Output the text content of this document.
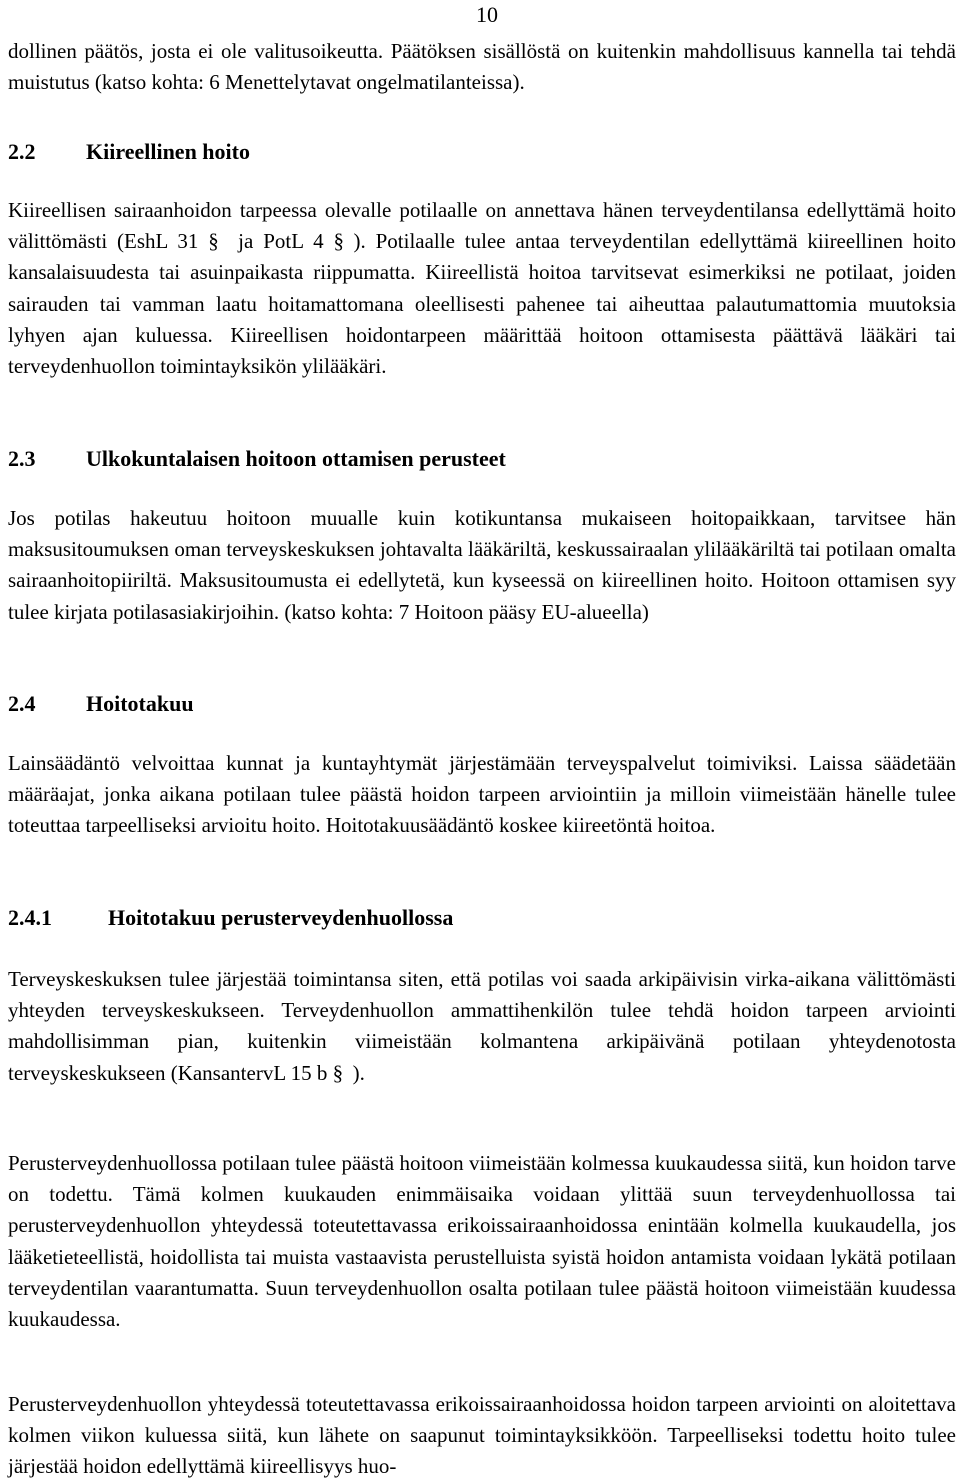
10

dollinen päätös, josta ei ole valitusoikeutta. Päätöksen sisällöstä on kuitenkin mahdollisuus kannella tai tehdä muistutus (katso kohta: 6 Menettelytavat ongelmatilanteissa).

2.2 Kiireellinen hoito

Kiireellisen sairaanhoidon tarpeessa olevalle potilaalle on annettava hänen terveydentilansa edellyttämä hoito välittömästi (EshL 31 § ja PotL 4 § ). Potilaalle tulee antaa terveydentilan edellyttämä kiireellinen hoito kansalaisuudesta tai asuinpaikasta riippumatta. Kiireellistä hoitoa tarvitsevat esimerkiksi ne potilaat, joiden sairauden tai vamman laatu hoitamattomana oleellisesti pahenee tai aiheuttaa palautumattomia muutoksia lyhyen ajan kuluessa. Kiireellisen hoidontarpeen määrittää hoitoon ottamisesta päättävä lääkäri tai terveydenhuollon toimintayksikön ylilääkäri.

2.3 Ulkokuntalaisen hoitoon ottamisen perusteet

Jos potilas hakeutuu hoitoon muualle kuin kotikuntansa mukaiseen hoitopaikkaan, tarvitsee hän maksusitoumuksen oman terveyskeskuksen johtavalta lääkäriltä, keskussairaalan ylilääkäriltä tai potilaan omalta sairaanhoitopiiriltä. Maksusitoumusta ei edellytetä, kun kyseessä on kiireellinen hoito. Hoitoon ottamisen syy tulee kirjata potilasasiakirjoihin. (katso kohta: 7 Hoitoon pääsy EU-alueella)

2.4 Hoitotakuu

Lainsäädäntö velvoittaa kunnat ja kuntayhtymät järjestämään terveyspalvelut toimiviksi. Laissa säädetään määräajat, jonka aikana potilaan tulee päästä hoidon tarpeen arviointiin ja milloin viimeistään hänelle tulee toteuttaa tarpeelliseksi arvioitu hoito. Hoitotakuusäädäntö koskee kiireetöntä hoitoa.

2.4.1	Hoitotakuu perusterveydenhuollossa

Terveyskeskuksen tulee järjestää toimintansa siten, että potilas voi saada arkipäivisin virka-aikana välittömästi yhteyden terveyskeskukseen. Terveydenhuollon ammattihenkilön tulee tehdä hoidon tarpeen arviointi mahdollisimman pian, kuitenkin viimeistään kolmantena arkipäivänä potilaan yhteydenotosta terveyskeskukseen (KansantervL 15 b § ).

Perusterveydenhuollossa potilaan tulee päästä hoitoon viimeistään kolmessa kuukaudessa siitä, kun hoidon tarve on todettu. Tämä kolmen kuukauden enimmäisaika voidaan ylittää suun terveydenhuollossa tai perusterveydenhuollon yhteydessä toteutettavassa erikoissairaanhoidossa enintään kolmella kuukaudella, jos lääketieteellistä, hoidollista tai muista vastaavista perustelluista syistä hoidon antamista voidaan lykätä potilaan terveydentilan vaarantumatta. Suun terveydenhuollon osalta potilaan tulee päästä hoitoon viimeistään kuudessa kuukaudessa.

Perusterveydenhuollon yhteydessä toteutettavassa erikoissairaanhoidossa hoidon tarpeen arviointi on aloitettava kolmen viikon kuluessa siitä, kun lähete on saapunut toimintayksikköön. Tarpeelliseksi todettu hoito tulee järjestää hoidon edellyttämä kiireellisyys huo-
